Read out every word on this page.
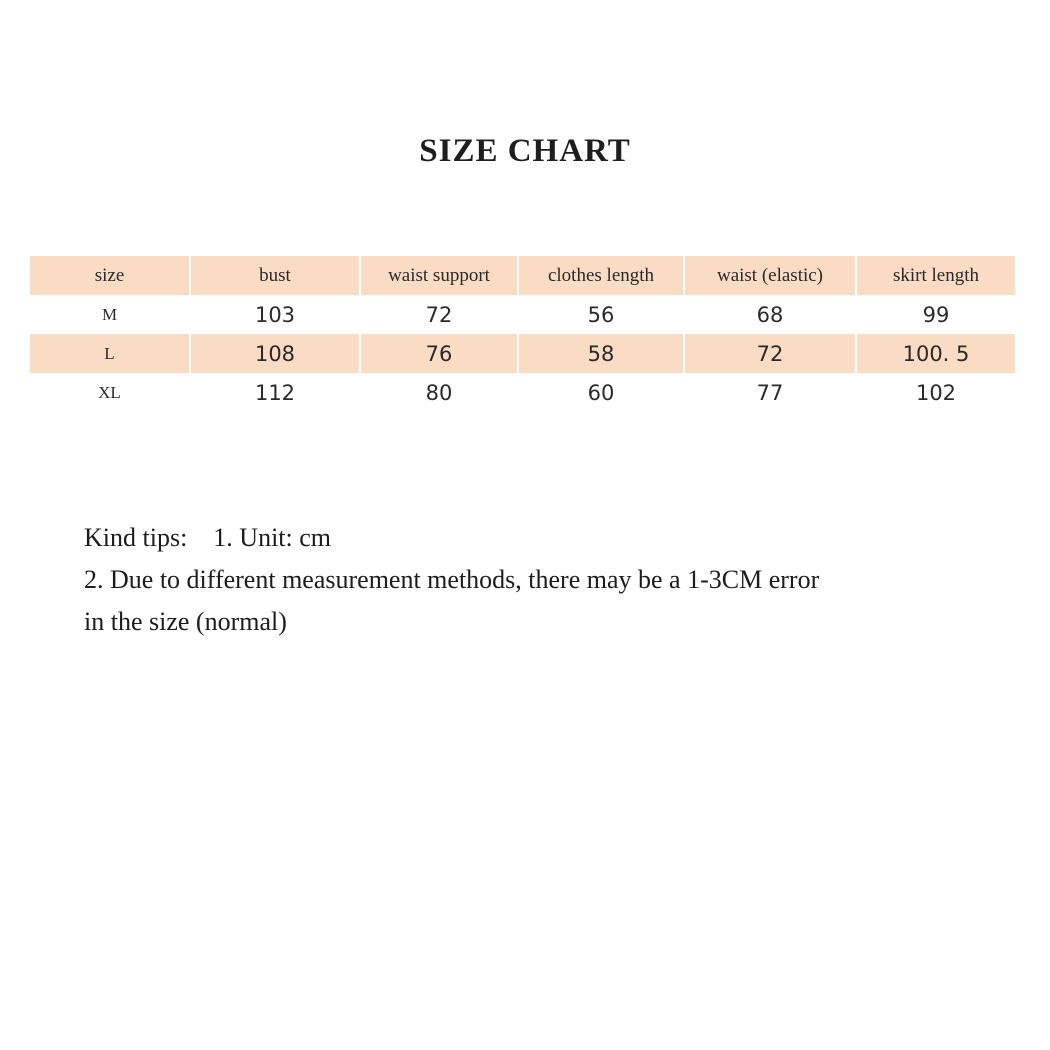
SIZE CHART
size	bust	waist support	clothes length	waist (elastic)	skirt length
M	103	72	56	68	99
L	108	76	58	72	100. 5
XL	112	80	60	77	102
Kind tips: 1. Unit: cm
2. Due to different measurement methods, there may be a 1-3CM error
in the size (normal)
